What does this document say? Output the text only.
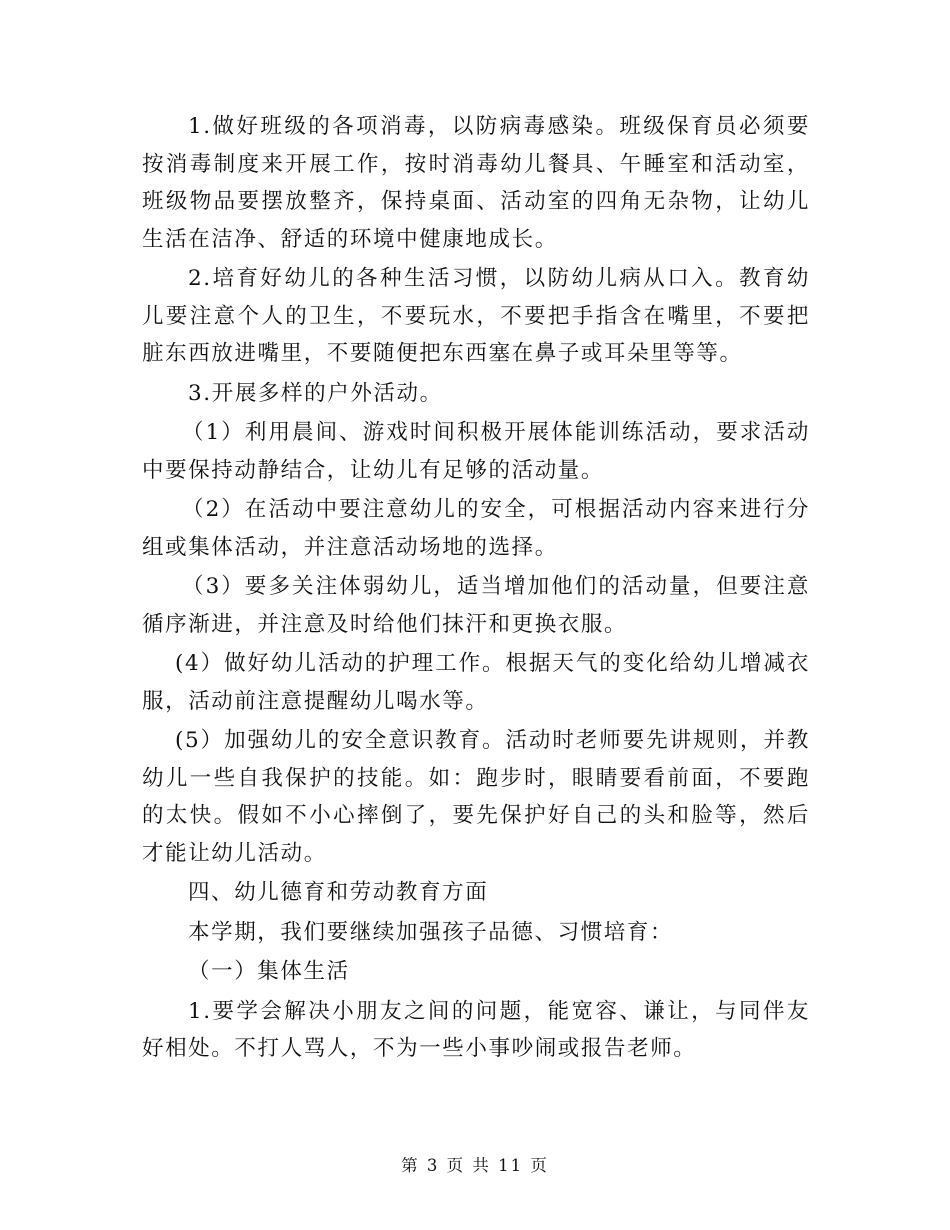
1.做好班级的各项消毒，以防病毒感染。班级保育员必须要按消毒制度来开展工作，按时消毒幼儿餐具、午睡室和活动室，班级物品要摆放整齐，保持桌面、活动室的四角无杂物，让幼儿生活在洁净、舒适的环境中健康地成长。

2.培育好幼儿的各种生活习惯，以防幼儿病从口入。教育幼儿要注意个人的卫生，不要玩水，不要把手指含在嘴里，不要把脏东西放进嘴里，不要随便把东西塞在鼻子或耳朵里等等。

3.开展多样的户外活动。

（1）利用晨间、游戏时间积极开展体能训练活动，要求活动中要保持动静结合，让幼儿有足够的活动量。

（2）在活动中要注意幼儿的安全，可根据活动内容来进行分组或集体活动，并注意活动场地的选择。

（3）要多关注体弱幼儿，适当增加他们的活动量，但要注意循序渐进，并注意及时给他们抹汗和更换衣服。

(4）做好幼儿活动的护理工作。根据天气的变化给幼儿增减衣服，活动前注意提醒幼儿喝水等。

(5）加强幼儿的安全意识教育。活动时老师要先讲规则，并教幼儿一些自我保护的技能。如：跑步时，眼睛要看前面，不要跑的太快。假如不小心摔倒了，要先保护好自己的头和脸等，然后才能让幼儿活动。

四、幼儿德育和劳动教育方面

本学期，我们要继续加强孩子品德、习惯培育：

（一）集体生活

1.要学会解决小朋友之间的问题，能宽容、谦让，与同伴友好相处。不打人骂人，不为一些小事吵闹或报告老师。

第 3 页 共 11 页
